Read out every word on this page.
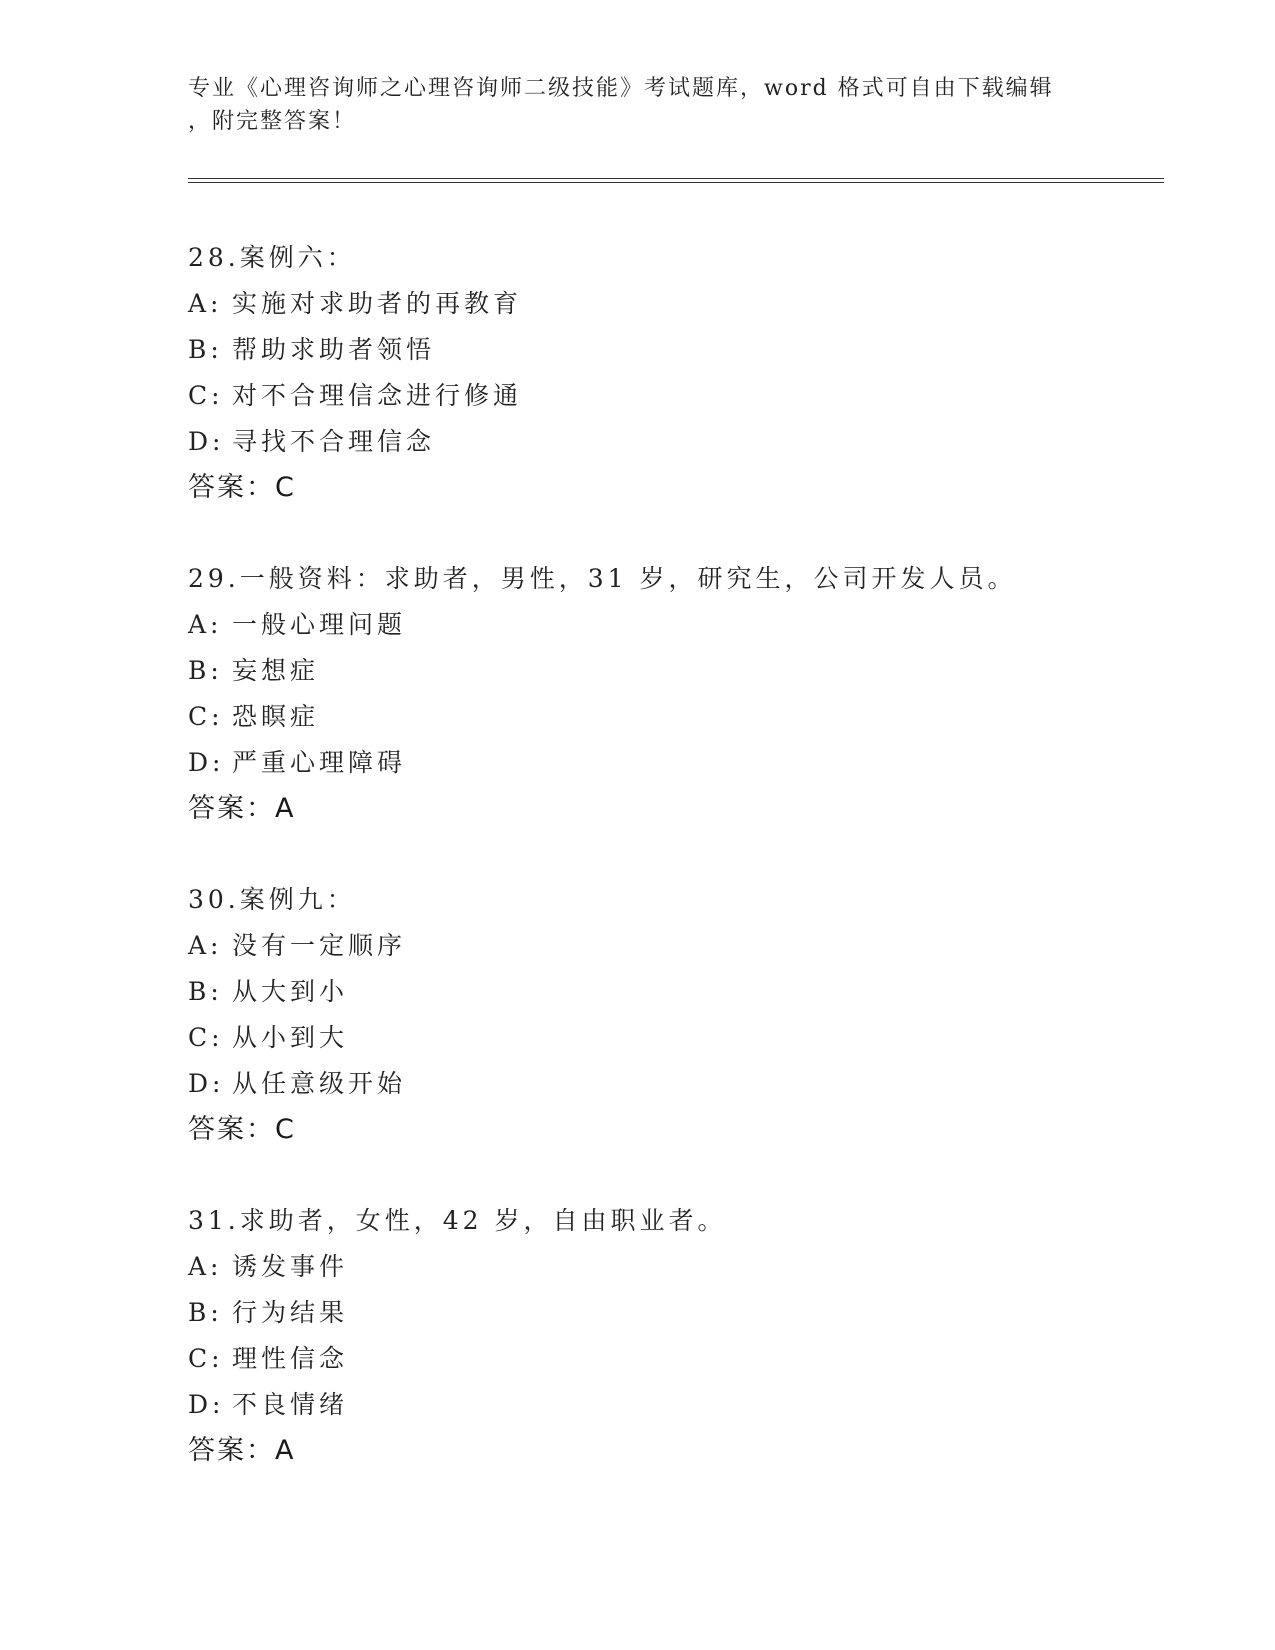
专业《心理咨询师之心理咨询师二级技能》考试题库，word 格式可自由下载编辑
，附完整答案！
28.案例六：
A: 实施对求助者的再教育
B: 帮助求助者领悟
C: 对不合理信念进行修通
D: 寻找不合理信念
答案：C
29.一般资料：求助者，男性，31 岁，研究生，公司开发人员。
A: 一般心理问题
B: 妄想症
C: 恐瞑症
D: 严重心理障碍
答案：A
30.案例九：
A: 没有一定顺序
B: 从大到小
C: 从小到大
D: 从任意级开始
答案：C
31.求助者，女性，42 岁，自由职业者。
A: 诱发事件
B: 行为结果
C: 理性信念
D: 不良情绪
答案：A
